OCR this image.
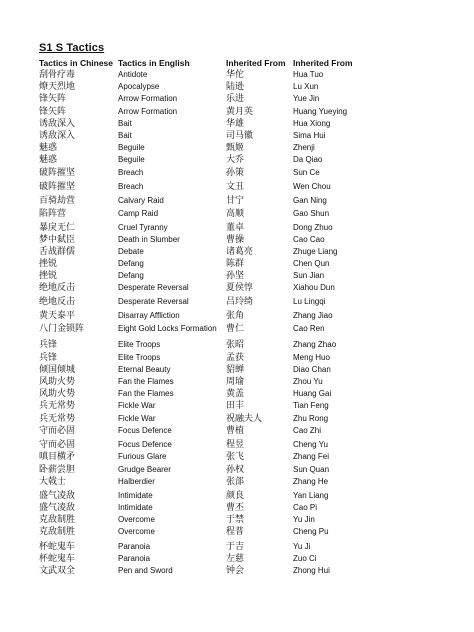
S1 S Tactics
Tactics in Chinese Tactics in English	Inherited From Inherited From
刮骨疗毒	Antidote	华佗	Hua Tuo
燎天烈地	Apocalypse	陆逊	Lu Xun
锋矢阵	Arrow Formation	乐进	Yue Jin
锋矢阵	Arrow Formation	黄月英	Huang Yueying
诱敌深入	Bait	华雄	Hua Xiong
诱敌深入	Bait	司马徽	Sima Hui
魅惑	Beguile	甄姬	Zhenji
魅惑	Beguile	大乔	Da Qiao
破阵摧坚	Breach	孙策	Sun Ce
破阵摧坚	Breach	文丑	Wen Chou
百骑劫营	Calvary Raid	甘宁	Gan Ning
陷阵营	Camp Raid	高顺	Gao Shun
暴戾无仁	Cruel Tyranny	董卓	Dong Zhuo
梦中弑臣	Death in Slumber	曹操	Cao Cao
舌战群儒	Debate	诸葛亮	Zhuge Liang
挫锐	Defang	陈群	Chen Qun
挫锐	Defang	孙坚	Sun Jian
绝地反击	Desperate Reversal	夏侯惇	Xiahou Dun
绝地反击	Desperate Reversal	吕玲绮	Lu Lingqi
黄天泰平	Disarray Affliction	张角	Zhang Jiao
八门金锁阵	Eight Gold Locks Formation 曹仁	Cao Ren
兵锋	Elite Troops	张昭	Zhang Zhao
兵锋	Elite Troops	孟获	Meng Huo
倾国倾城	Eternal Beauty	貂蝉	Diao Chan
风助火势	Fan the Flames	周瑜	Zhou Yu
风助火势	Fan the Flames	黄盖	Huang Gai
兵无常势	Fickle War	田丰	Tian Feng
兵无常势	Fickle War	祝融夫人	Zhu Rong
守而必固	Focus Defence	曹植	Cao Zhi
守而必固	Focus Defence	程昱	Cheng Yu
嗔目横矛	Furious Glare	张飞	Zhang Fei
卧薪尝胆	Grudge Bearer	孙权	Sun Quan
大戟士	Halberdier	张郃	Zhang He
盛气凌敌	Intimidate	颜良	Yan Liang
盛气凌敌	Intimidate	曹丕	Cao Pi
克敌制胜	Overcome	于禁	Yu Jin
克敌制胜	Overcome	程普	Cheng Pu
杯蛇鬼车	Paranoia	于吉	Yu Ji
杯蛇鬼车	Paranoia	左慈	Zuo Ci
文武双全	Pen and Sword	钟会	Zhong Hui
